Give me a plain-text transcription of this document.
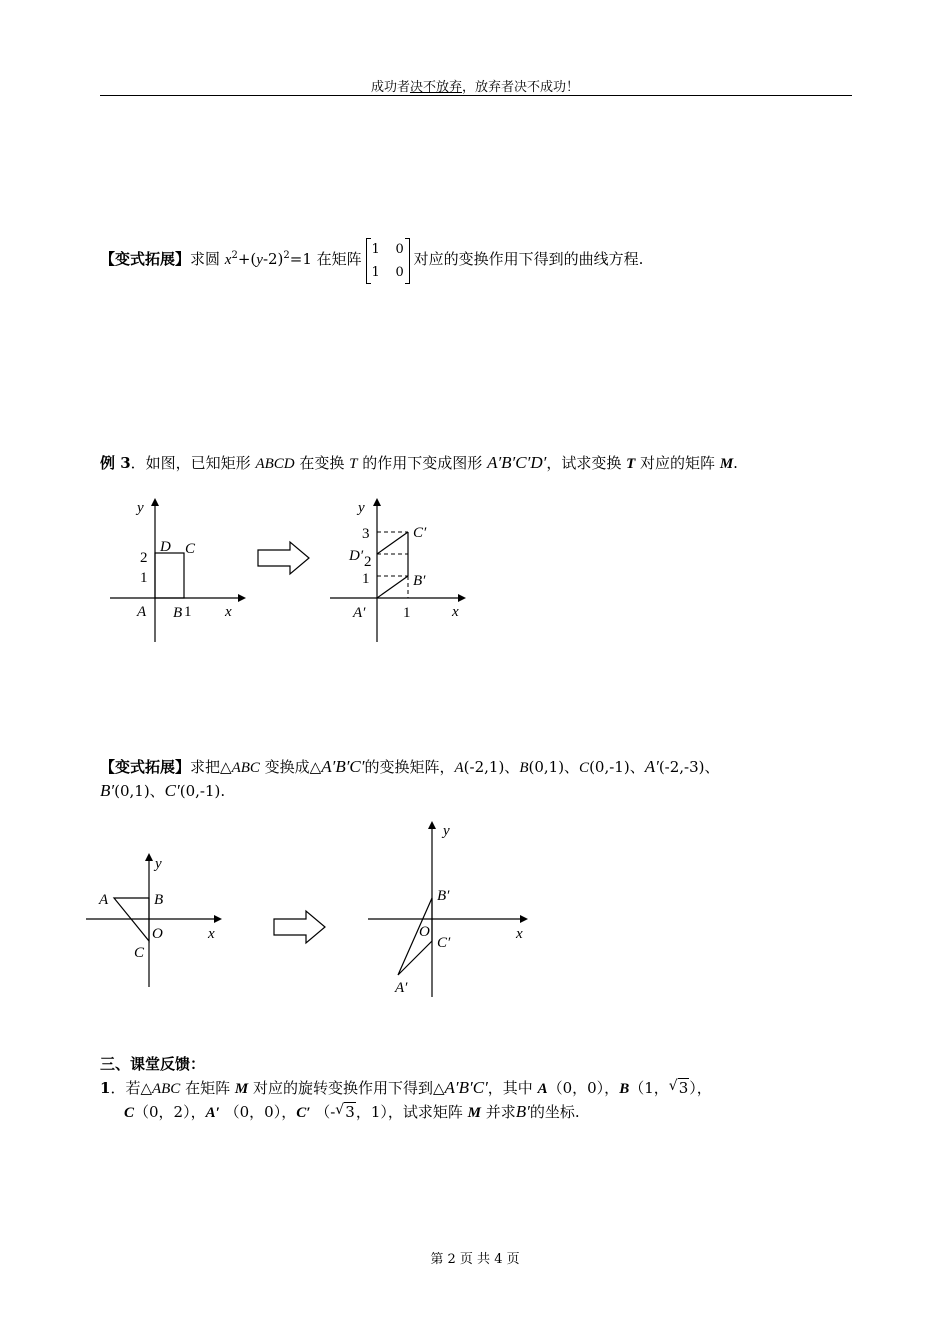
成功者决不放弃，放弃者决不成功！
【变式拓展】求圆 $x^2+(y-2)^2=1$ 在矩阵
1 0
1 0
对应的变换作用下得到的曲线方程.
例 3．如图，已知矩形 ABCD 在变换 T 的作用下变成图形 A′B′C′D′，试求变换 T 对应的矩阵 M.
y
x
A B 1
D C
2
1
y
x
A′	1
B′
C′
D′
3
2
1
【变式拓展】求把△ABC 变换成△A′B′C′的变换矩阵，A(-2,1)、B(0,1)、C(0,-1)、A′(-2,-3)、
B′(0,1)、C′(0,-1).
y
x
A	B
O
C
y
x
B′
O
C′
A′
三、课堂反馈：
1．若△ABC 在矩阵 M 对应的旋转变换作用下得到△A′B′C′，其中 A（0，0），B（1， √ 3），
C（0，2），A′ （0，0），C′ （- √ 3，1），试求矩阵 M 并求B′的坐标.
第 2 页 共 4 页
